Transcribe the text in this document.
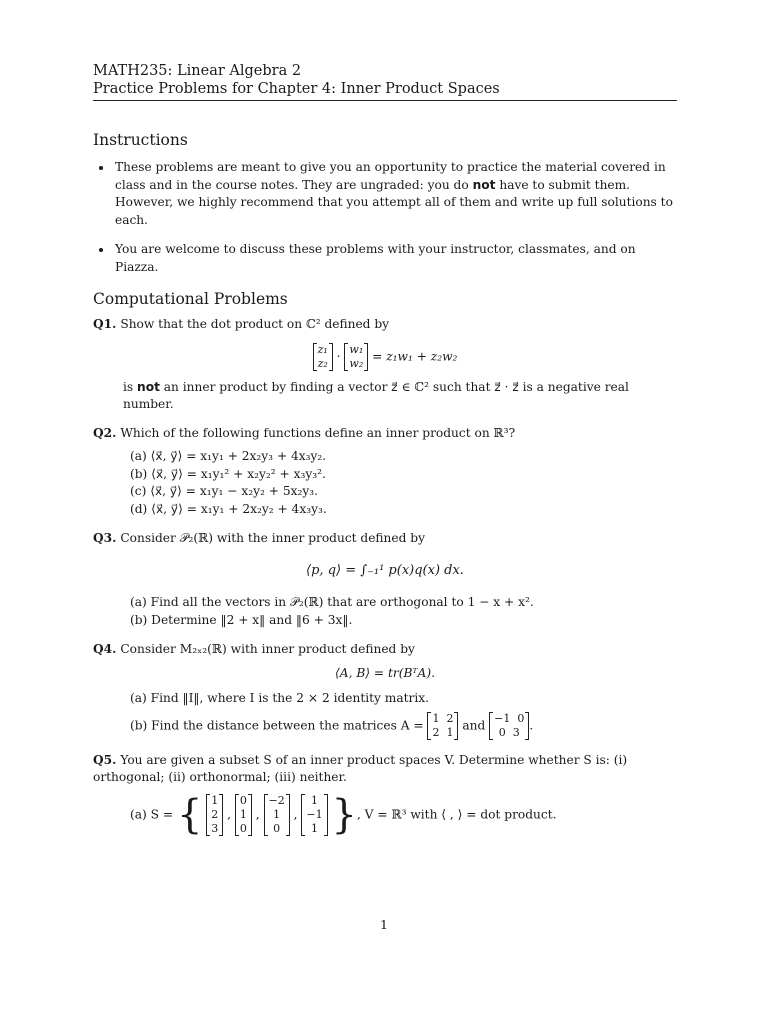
MATH235: Linear Algebra 2
Practice Problems for Chapter 4: Inner Product Spaces
Instructions
• These problems are meant to give you an opportunity to practice the material covered in class and in the course notes. They are ungraded: you do not have to submit them. However, we highly recommend that you attempt all of them and write up full solutions to each.
• You are welcome to discuss these problems with your instructor, classmates, and on Piazza.
Computational Problems
Q1. Show that the dot product on ℂ² defined by
z₁
z₂ · w₁
w₂ = z₁w₁ + z₂w₂
is not an inner product by finding a vector z⃗ ∈ ℂ² such that z⃗ · z⃗ is a negative real number.
Q2. Which of the following functions define an inner product on ℝ³?
(a) ⟨x⃗, y⃗⟩ = x₁y₁ + 2x₂y₃ + 4x₃y₂.
(b) ⟨x⃗, y⃗⟩ = x₁y₁² + x₂y₂² + x₃y₃².
(c) ⟨x⃗, y⃗⟩ = x₁y₁ − x₂y₂ + 5x₂y₃.
(d) ⟨x⃗, y⃗⟩ = x₁y₁ + 2x₂y₂ + 4x₃y₃.
Q3. Consider 𝒫₂(ℝ) with the inner product defined by
⟨p, q⟩ = ∫₋₁¹ p(x)q(x) dx.
(a) Find all the vectors in 𝒫₂(ℝ) that are orthogonal to 1 − x + x².
(b) Determine ‖2 + x‖ and ‖6 + 3x‖.
Q4. Consider M₂ₓ₂(ℝ) with inner product defined by
⟨A, B⟩ = tr(BᵀA).
(a) Find ‖I‖, where I is the 2 × 2 identity matrix.
(b) Find the distance between the matrices A = 1 2
2 1 and −1 0
0 3 .
Q5. You are given a subset S of an inner product spaces V. Determine whether S is: (i) orthogonal; (ii) orthonormal; (iii) neither.
(a) S = { 1
2
3
,
0
1
0
,
−2
1
0
,
1
−1
1 }, V = ℝ³ with ⟨ , ⟩ = dot product.
1
